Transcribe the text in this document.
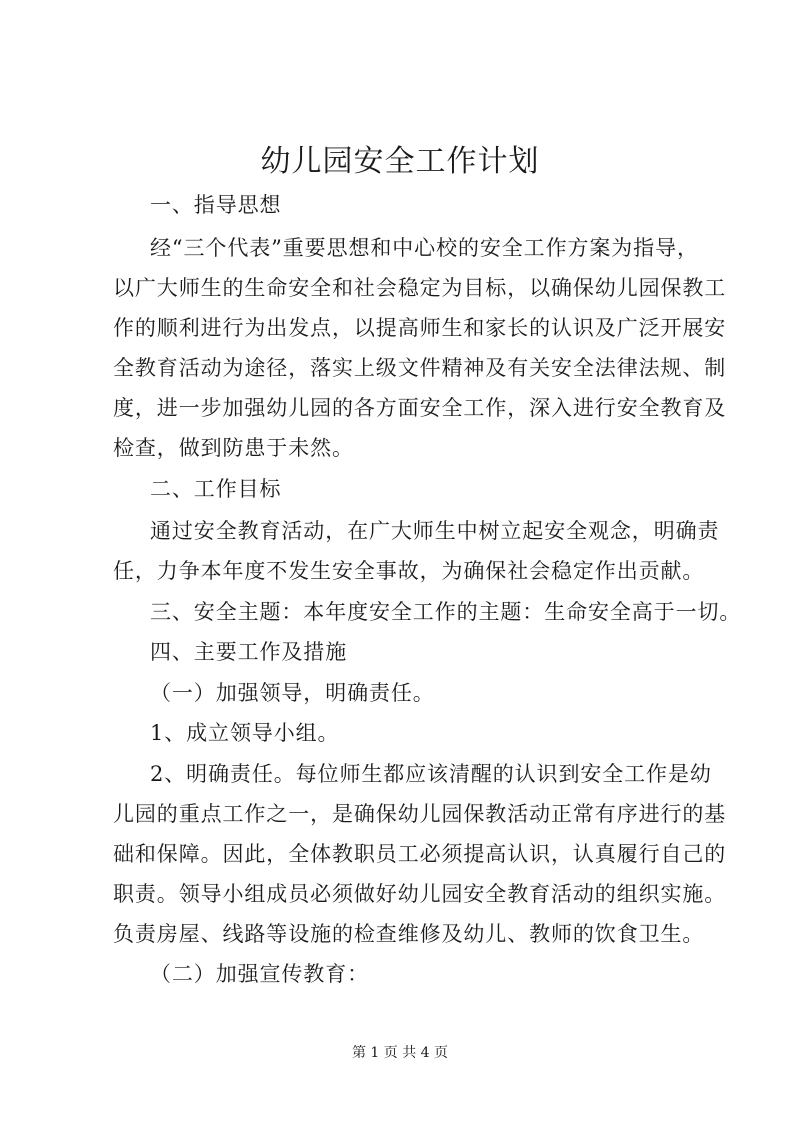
幼儿园安全工作计划
一、指导思想
经“三个代表”重要思想和中心校的安全工作方案为指导，
以广大师生的生命安全和社会稳定为目标，以确保幼儿园保教工
作的顺利进行为出发点，以提高师生和家长的认识及广泛开展安
全教育活动为途径，落实上级文件精神及有关安全法律法规、制
度，进一步加强幼儿园的各方面安全工作，深入进行安全教育及
检查，做到防患于未然。
二、工作目标
通过安全教育活动，在广大师生中树立起安全观念，明确责
任，力争本年度不发生安全事故，为确保社会稳定作出贡献。
三、安全主题：本年度安全工作的主题：生命安全高于一切。
四、主要工作及措施
（一）加强领导，明确责任。
1、成立领导小组。
2、明确责任。每位师生都应该清醒的认识到安全工作是幼
儿园的重点工作之一，是确保幼儿园保教活动正常有序进行的基
础和保障。因此，全体教职员工必须提高认识，认真履行自己的
职责。领导小组成员必须做好幼儿园安全教育活动的组织实施。
负责房屋、线路等设施的检查维修及幼儿、教师的饮食卫生。
（二）加强宣传教育：
第 1 页 共 4 页
